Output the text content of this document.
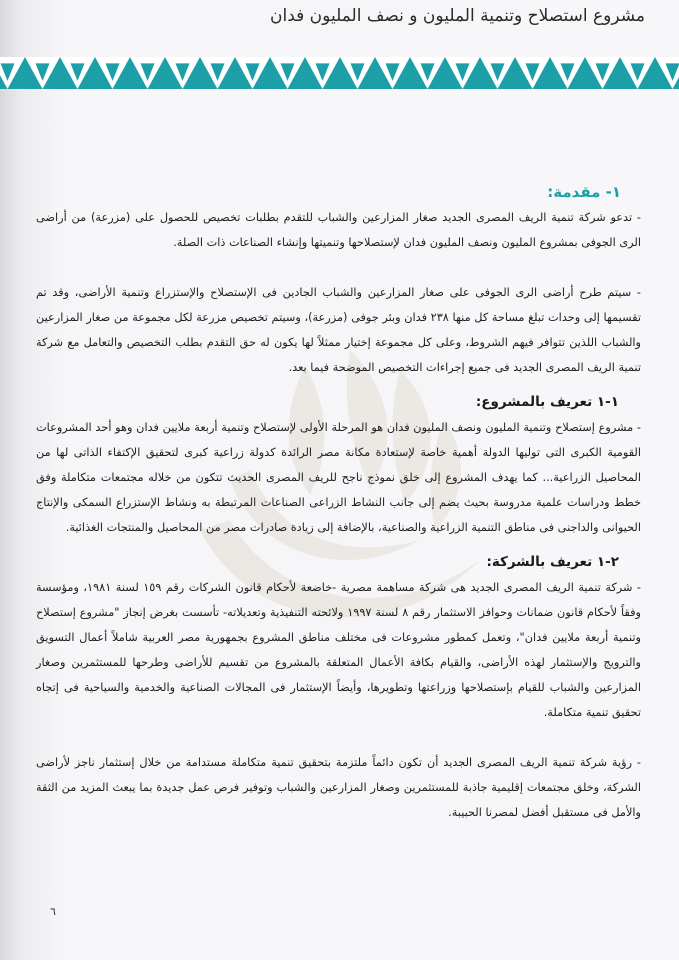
مشروع استصلاح وتنمية المليون و نصف المليون فدان
١- مقدمة:

- تدعو شركة تنمية الريف المصرى الجديد صغار المزارعين والشباب للتقدم بطلبات تخصيص للحصول على (مزرعة) من أراضى الرى الجوفى بمشروع المليون ونصف المليون فدان لإستصلاحها وتنميتها وإنشاء الصناعات ذات الصلة.

- سيتم طرح أراضى الرى الجوفى على صغار المزارعين والشباب الجادين فى الإستصلاح والإستزراع وتنمية الأراضى، وقد تم تقسيمها إلى وحدات تبلغ مساحة كل منها ٢٣٨ فدان وبئر جوفى (مزرعة)، وسيتم تخصيص مزرعة لكل مجموعة من صغار المزارعين والشباب اللذين تتوافر فيهم الشروط، وعلى كل مجموعة إختيار ممثلاً لها يكون له حق التقدم بطلب التخصيص والتعامل مع شركة تنمية الريف المصرى الجديد فى جميع إجراءات التخصيص الموضحة فيما بعد.

١-١ تعريف بالمشروع:

- مشروع إستصلاح وتنمية المليون ونصف المليون فدان هو المرحلة الأولى لإستصلاح وتنمية أربعة ملايين فدان وهو أحد المشروعات القومية الكبرى التى توليها الدولة أهمية خاصة لإستعادة مكانة مصر الرائدة كدولة زراعية كبرى لتحقيق الإكتفاء الذاتى لها من المحاصيل الزراعية... كما يهدف المشروع إلى خلق نموذج ناجح للريف المصرى الحديث تتكون من خلاله مجتمعات متكاملة وفق خطط ودراسات علمية مدروسة بحيث يضم إلى جانب النشاط الزراعى الصناعات المرتبطة به ونشاط الإستزراع السمكى والإنتاج الحيوانى والداجنى فى مناطق التنمية الزراعية والصناعية، بالإضافة إلى زيادة صادرات مصر من المحاصيل والمنتجات الغذائية.

٢-١ تعريف بالشركة:

- شركة تنمية الريف المصرى الجديد هى شركة مساهمة مصرية -خاضعة لأحكام قانون الشركات رقم ١٥٩ لسنة ١٩٨١، ومؤسسة وفقاً لأحكام قانون ضمانات وحوافز الاستثمار رقم ٨ لسنة ١٩٩٧ ولائحته التنفيذية وتعديلاته- تأسست بغرض إنجاز "مشروع إستصلاح وتنمية أربعة ملايين فدان"، وتعمل كمطور مشروعات فى مختلف مناطق المشروع بجمهورية مصر العربية شاملاً أعمال التسويق والترويج والإستثمار لهذه الأراضى، والقيام بكافة الأعمال المتعلقة بالمشروع من تقسيم للأراضى وطرحها للمستثمرين وصغار المزارعين والشباب للقيام بإستصلاحها وزراعتها وتطويرها، وأيضاً الإستثمار فى المجالات الصناعية والخدمية والسياحية فى إتجاه تحقيق تنمية متكاملة.

- رؤية شركة تنمية الريف المصرى الجديد أن تكون دائماً ملتزمة بتحقيق تنمية متكاملة مستدامة من خلال إستثمار ناجز لأراضى الشركة، وخلق مجتمعات إقليمية جاذبة للمستثمرين وصغار المزارعين والشباب وتوفير فرص عمل جديدة بما يبعث المزيد من الثقة والأمل فى مستقبل أفضل لمصرنا الحبيبة.

٦
